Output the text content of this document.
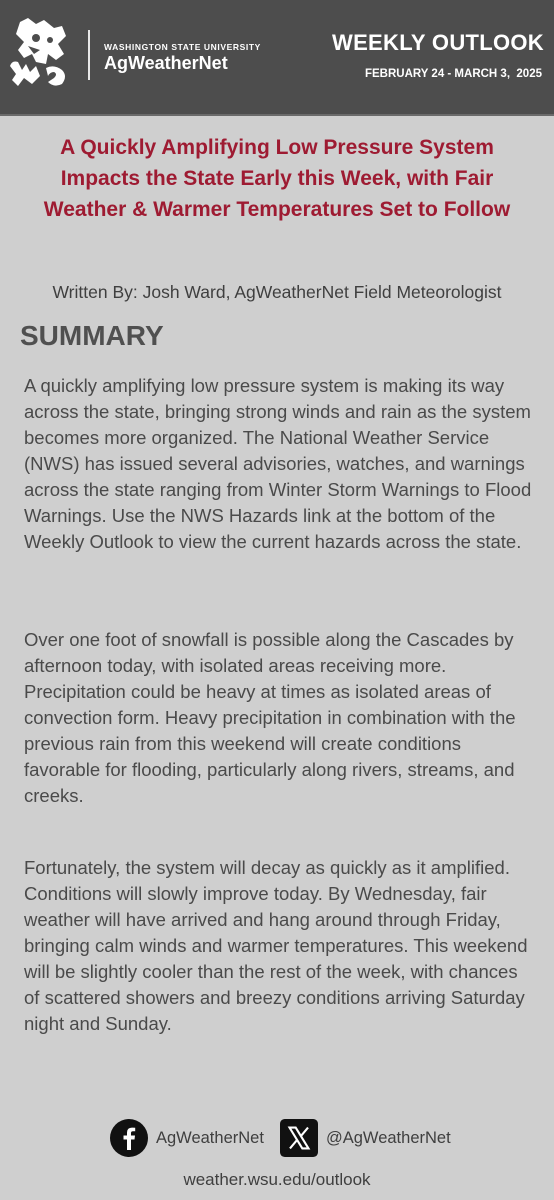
WASHINGTON STATE UNIVERSITY
AgWeatherNet
WEEKLY OUTLOOK
FEBRUARY 24 - MARCH 3,  2025
A Quickly Amplifying Low Pressure System Impacts the State Early this Week, with Fair Weather & Warmer Temperatures Set to Follow
Written By: Josh Ward, AgWeatherNet Field Meteorologist
SUMMARY
A quickly amplifying low pressure system is making its way across the state, bringing strong winds and rain as the system becomes more organized. The National Weather Service (NWS) has issued several advisories, watches, and warnings across the state ranging from Winter Storm Warnings to Flood Warnings. Use the NWS Hazards link at the bottom of the Weekly Outlook to view the current hazards across the state.
Over one foot of snowfall is possible along the Cascades by afternoon today, with isolated areas receiving more. Precipitation could be heavy at times as isolated areas of convection form. Heavy precipitation in combination with the previous rain from this weekend will create conditions favorable for flooding, particularly along rivers, streams, and creeks.
Fortunately, the system will decay as quickly as it amplified. Conditions will slowly improve today. By Wednesday, fair weather will have arrived and hang around through Friday, bringing calm winds and warmer temperatures. This weekend will be slightly cooler than the rest of the week, with chances of scattered showers and breezy conditions arriving Saturday night and Sunday.
AgWeatherNet	@AgWeatherNet
weather.wsu.edu/outlook
